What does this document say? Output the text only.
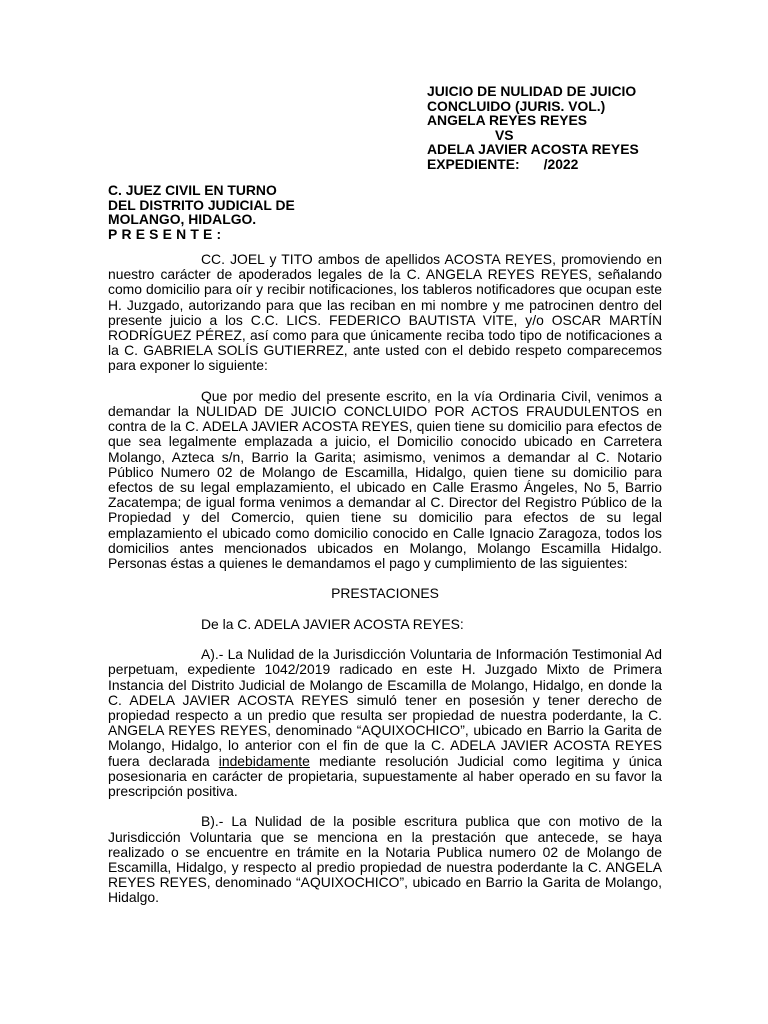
JUICIO DE NULIDAD DE JUICIO
CONCLUIDO (JURIS. VOL.)
ANGELA REYES REYES
VS
ADELA JAVIER ACOSTA REYES
EXPEDIENTE: /2022
C. JUEZ CIVIL EN TURNO
DEL DISTRITO JUDICIAL DE
MOLANGO, HIDALGO.
PRESENTE:

CC. JOEL y TITO ambos de apellidos ACOSTA REYES, promoviendo en nuestro carácter de apoderados legales de la C. ANGELA REYES REYES, señalando como domicilio para oír y recibir notificaciones, los tableros notificadores que ocupan este H. Juzgado, autorizando para que las reciban en mi nombre y me patrocinen dentro del presente juicio a los C.C. LICS. FEDERICO BAUTISTA VITE, y/o OSCAR MARTÍN RODRÍGUEZ PÉREZ, así como para que únicamente reciba todo tipo de notificaciones a la C. GABRIELA SOLÍS GUTIERREZ, ante usted con el debido respeto comparecemos para exponer lo siguiente:

Que por medio del presente escrito, en la vía Ordinaria Civil, venimos a demandar la NULIDAD DE JUICIO CONCLUIDO POR ACTOS FRAUDULENTOS en contra de la C. ADELA JAVIER ACOSTA REYES, quien tiene su domicilio para efectos de que sea legalmente emplazada a juicio, el Domicilio conocido ubicado en Carretera Molango, Azteca s/n, Barrio la Garita; asimismo, venimos a demandar al C. Notario Público Numero 02 de Molango de Escamilla, Hidalgo, quien tiene su domicilio para efectos de su legal emplazamiento, el ubicado en Calle Erasmo Ángeles, No 5, Barrio Zacatempa; de igual forma venimos a demandar al C. Director del Registro Público de la Propiedad y del Comercio, quien tiene su domicilio para efectos de su legal emplazamiento el ubicado como domicilio conocido en Calle Ignacio Zaragoza, todos los domicilios antes mencionados ubicados en Molango, Molango Escamilla Hidalgo. Personas éstas a quienes le demandamos el pago y cumplimiento de las siguientes:

PRESTACIONES

De la C. ADELA JAVIER ACOSTA REYES:

A).- La Nulidad de la Jurisdicción Voluntaria de Información Testimonial Ad perpetuam, expediente 1042/2019 radicado en este H. Juzgado Mixto de Primera Instancia del Distrito Judicial de Molango de Escamilla de Molango, Hidalgo, en donde la C. ADELA JAVIER ACOSTA REYES simuló tener en posesión y tener derecho de propiedad respecto a un predio que resulta ser propiedad de nuestra poderdante, la C. ANGELA REYES REYES, denominado “AQUIXOCHICO”, ubicado en Barrio la Garita de Molango, Hidalgo, lo anterior con el fin de que la C. ADELA JAVIER ACOSTA REYES fuera declarada indebidamente mediante resolución Judicial como legitima y única posesionaria en carácter de propietaria, supuestamente al haber operado en su favor la prescripción positiva.

B).- La Nulidad de la posible escritura publica que con motivo de la Jurisdicción Voluntaria que se menciona en la prestación que antecede, se haya realizado o se encuentre en trámite en la Notaria Publica numero 02 de Molango de Escamilla, Hidalgo, y respecto al predio propiedad de nuestra poderdante la C. ANGELA REYES REYES, denominado “AQUIXOCHICO”, ubicado en Barrio la Garita de Molango, Hidalgo.
